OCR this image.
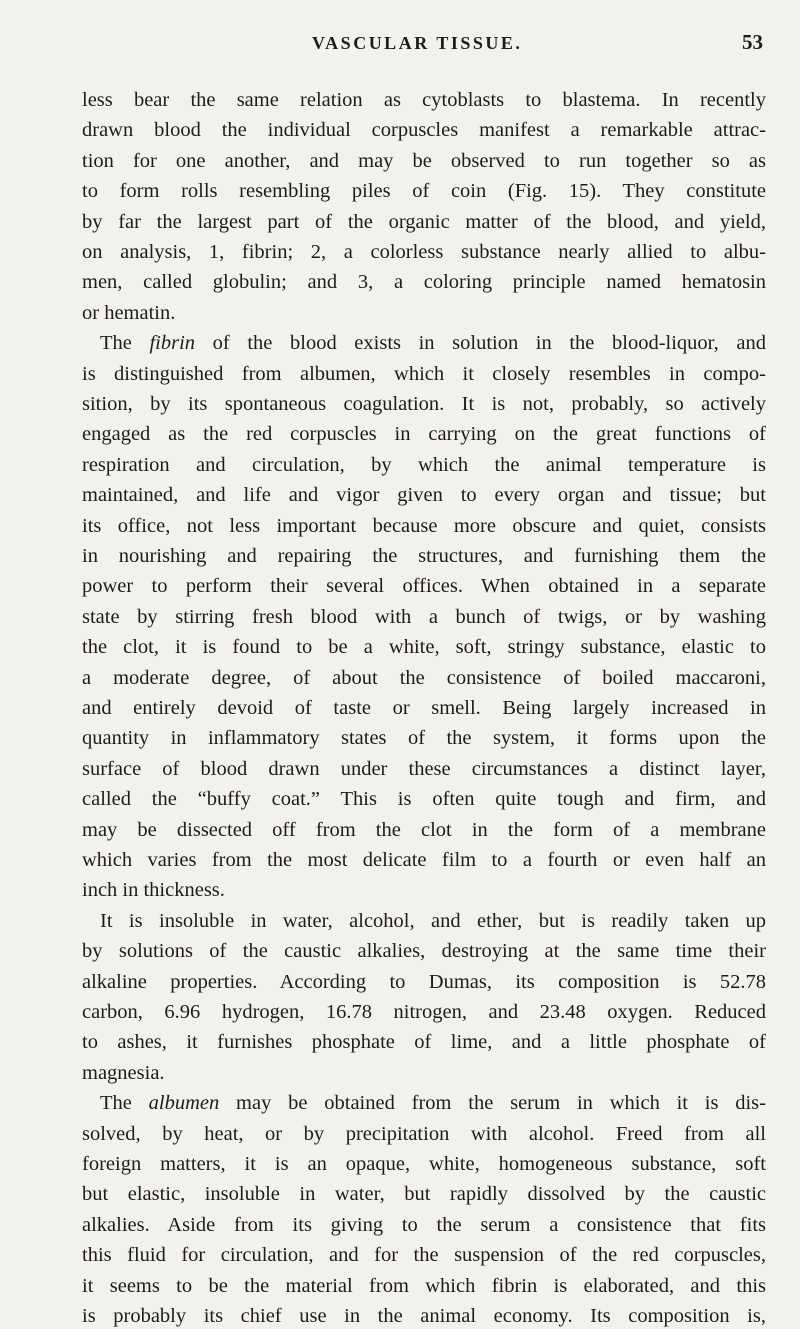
VASCULAR TISSUE.	53
less bear the same relation as cytoblasts to blastema. In recently
drawn blood the individual corpuscles manifest a remarkable attrac-
tion for one another, and may be observed to run together so as
to form rolls resembling piles of coin (Fig. 15). They constitute
by far the largest part of the organic matter of the blood, and yield,
on analysis, 1, fibrin; 2, a colorless substance nearly allied to albu-
men, called globulin; and 3, a coloring principle named hematosin
or hematin.
The fibrin of the blood exists in solution in the blood-liquor, and
is distinguished from albumen, which it closely resembles in compo-
sition, by its spontaneous coagulation. It is not, probably, so actively
engaged as the red corpuscles in carrying on the great functions of
respiration and circulation, by which the animal temperature is
maintained, and life and vigor given to every organ and tissue; but
its office, not less important because more obscure and quiet, consists
in nourishing and repairing the structures, and furnishing them the
power to perform their several offices. When obtained in a separate
state by stirring fresh blood with a bunch of twigs, or by washing
the clot, it is found to be a white, soft, stringy substance, elastic to
a moderate degree, of about the consistence of boiled maccaroni,
and entirely devoid of taste or smell. Being largely increased in
quantity in inflammatory states of the system, it forms upon the
surface of blood drawn under these circumstances a distinct layer,
called the “buffy coat.” This is often quite tough and firm, and
may be dissected off from the clot in the form of a membrane
which varies from the most delicate film to a fourth or even half an
inch in thickness.
It is insoluble in water, alcohol, and ether, but is readily taken up
by solutions of the caustic alkalies, destroying at the same time their
alkaline properties. According to Dumas, its composition is 52.78
carbon, 6.96 hydrogen, 16.78 nitrogen, and 23.48 oxygen. Reduced
to ashes, it furnishes phosphate of lime, and a little phosphate of
magnesia.
The albumen may be obtained from the serum in which it is dis-
solved, by heat, or by precipitation with alcohol. Freed from all
foreign matters, it is an opaque, white, homogeneous substance, soft
but elastic, insoluble in water, but rapidly dissolved by the caustic
alkalies. Aside from its giving to the serum a consistence that fits
this fluid for circulation, and for the suspension of the red corpuscles,
it seems to be the material from which fibrin is elaborated, and this
is probably its chief use in the animal economy. Its composition is,
